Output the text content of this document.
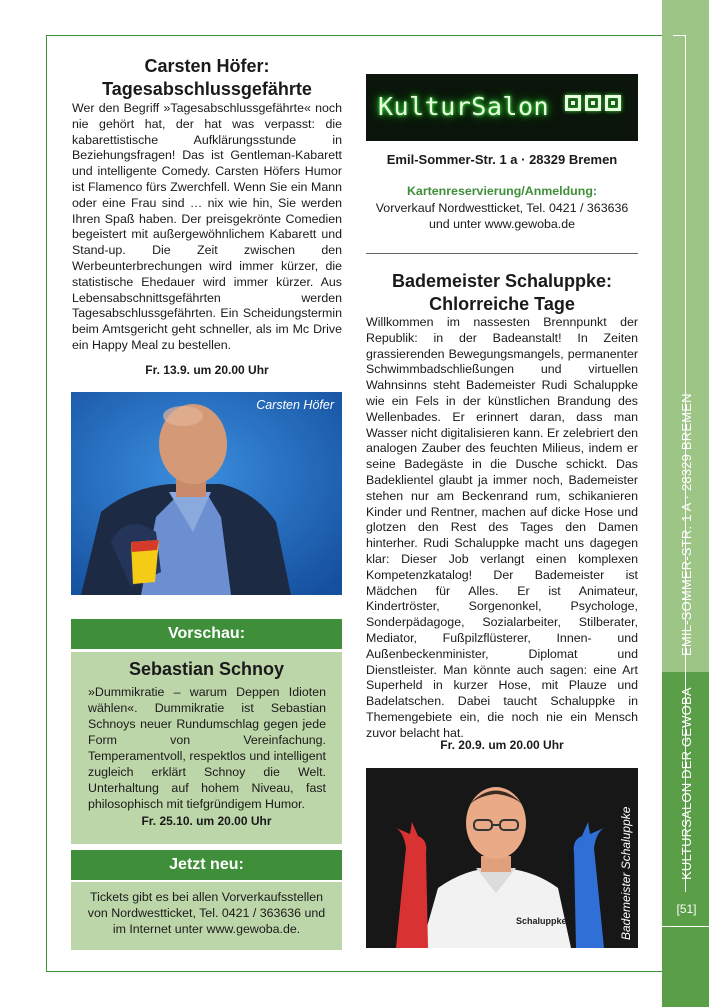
EMIL-SOMMER-STR. 1 A · 28329 BREMEN
KULTURSALON DER GEWOBA
[51]
Carsten Höfer:
Tagesabschlussgefährte
Wer den Begriff »Tagesabschlussgefährte« noch nie gehört hat, der hat was verpasst: die kabarettistische Aufklärungsstunde in Beziehungsfragen! Das ist Gentleman-Kabarett und intelligente Comedy. Carsten Höfers Humor ist Flamenco fürs Zwerchfell. Wenn Sie ein Mann oder eine Frau sind … nix wie hin, Sie werden Ihren Spaß haben. Der preisgekrönte Comedien begeistert mit außergewöhnlichem Kabarett und Stand-up. Die Zeit zwischen den Werbeunterbrechungen wird immer kürzer, die statistische Ehedauer wird immer kürzer. Aus Lebensabschnittsgefährten werden Tagesabschlussgefährten. Ein Scheidungstermin beim Amtsgericht geht schneller, als im Mc Drive ein Happy Meal zu bestellen.
Fr. 13.9. um 20.00 Uhr
Carsten Höfer
Vorschau:
Sebastian Schnoy
»Dummikratie – warum Deppen Idioten wählen«. Dummikratie ist Sebastian Schnoys neuer Rundumschlag gegen jede Form von Vereinfachung. Temperamentvoll, respektlos und intelligent zugleich erklärt Schnoy die Welt. Unterhaltung auf hohem Niveau, fast philosophisch mit tiefgründigem Humor.
Fr. 25.10. um 20.00 Uhr
Jetzt neu:
Tickets gibt es bei allen Vorverkaufsstellen von Nordwestticket, Tel. 0421 / 363636 und im Internet unter www.gewoba.de.
KulturSalon
Emil-Sommer-Str. 1 a · 28329 Bremen
Kartenreservierung/Anmeldung:
Vorverkauf Nordwestticket, Tel. 0421 / 363636
und unter www.gewoba.de
Bademeister Schaluppke:
Chlorreiche Tage
Willkommen im nassesten Brennpunkt der Republik: in der Badeanstalt! In Zeiten grassierenden Bewegungsmangels, permanenter Schwimmbadschließungen und virtuellen Wahnsinns steht Bademeister Rudi Schaluppke wie ein Fels in der künstlichen Brandung des Wellenbades. Er erinnert daran, dass man Wasser nicht digitalisieren kann. Er zelebriert den analogen Zauber des feuchten Milieus, indem er seine Badegäste in die Dusche schickt. Das Badeklientel glaubt ja immer noch, Bademeister stehen nur am Beckenrand rum, schikanieren Kinder und Rentner, machen auf dicke Hose und glotzen den Rest des Tages den Damen hinterher. Rudi Schaluppke macht uns dagegen klar: Dieser Job verlangt einen komplexen Kompetenzkatalog! Der Bademeister ist Mädchen für Alles. Er ist Animateur, Kindertröster, Sorgenonkel, Psychologe, Sonderpädagoge, Sozialarbeiter, Stilberater, Mediator, Fußpilzflüsterer, Innen- und Außenbeckenminister, Diplomat und Dienstleister. Man könnte auch sagen: eine Art Superheld in kurzer Hose, mit Plauze und Badelatschen. Dabei taucht Schaluppke in Themengebiete ein, die noch nie ein Mensch zuvor belacht hat.
Fr. 20.9. um 20.00 Uhr
Schaluppke	Bademeister Schaluppke
